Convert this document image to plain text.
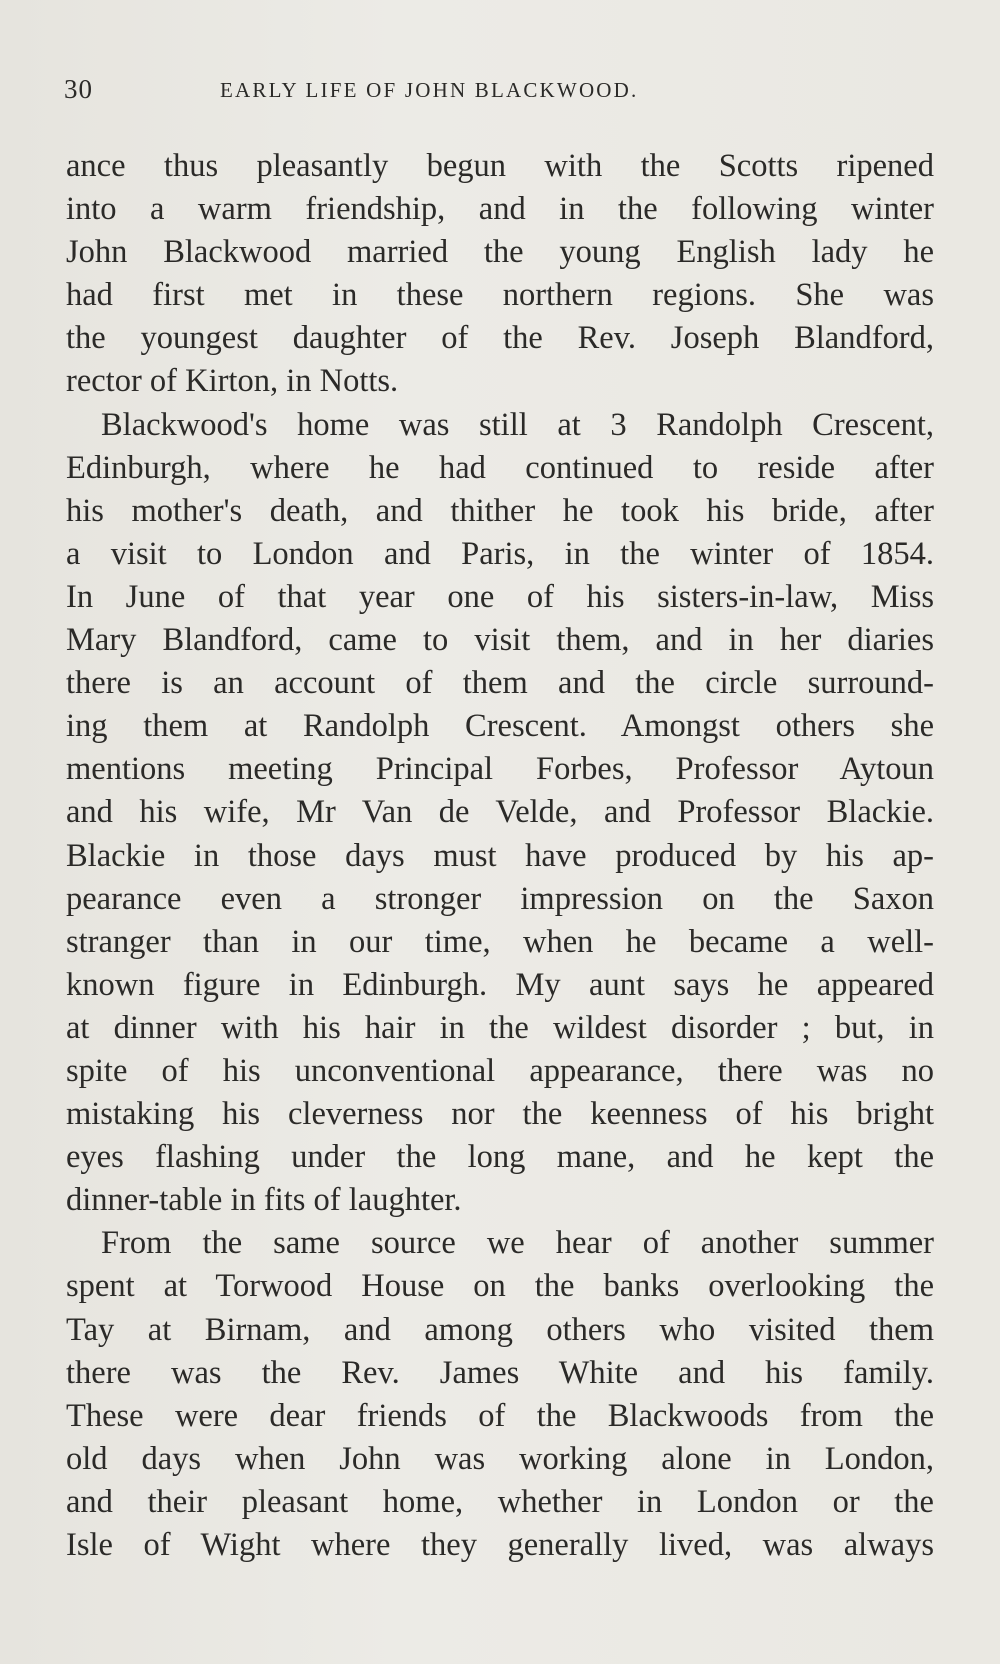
30	EARLY LIFE OF JOHN BLACKWOOD.
ance thus pleasantly begun with the Scotts ripened
into a warm friendship, and in the following winter
John Blackwood married the young English lady he
had first met in these northern regions. She was
the youngest daughter of the Rev. Joseph Blandford,
rector of Kirton, in Notts.
Blackwood's home was still at 3 Randolph Crescent,
Edinburgh, where he had continued to reside after
his mother's death, and thither he took his bride, after
a visit to London and Paris, in the winter of 1854.
In June of that year one of his sisters-in-law, Miss
Mary Blandford, came to visit them, and in her diaries
there is an account of them and the circle surround-
ing them at Randolph Crescent. Amongst others she
mentions meeting Principal Forbes, Professor Aytoun
and his wife, Mr Van de Velde, and Professor Blackie.
Blackie in those days must have produced by his ap-
pearance even a stronger impression on the Saxon
stranger than in our time, when he became a well-
known figure in Edinburgh. My aunt says he appeared
at dinner with his hair in the wildest disorder ; but, in
spite of his unconventional appearance, there was no
mistaking his cleverness nor the keenness of his bright
eyes flashing under the long mane, and he kept the
dinner-table in fits of laughter.
From the same source we hear of another summer
spent at Torwood House on the banks overlooking the
Tay at Birnam, and among others who visited them
there was the Rev. James White and his family.
These were dear friends of the Blackwoods from the
old days when John was working alone in London,
and their pleasant home, whether in London or the
Isle of Wight where they generally lived, was always
